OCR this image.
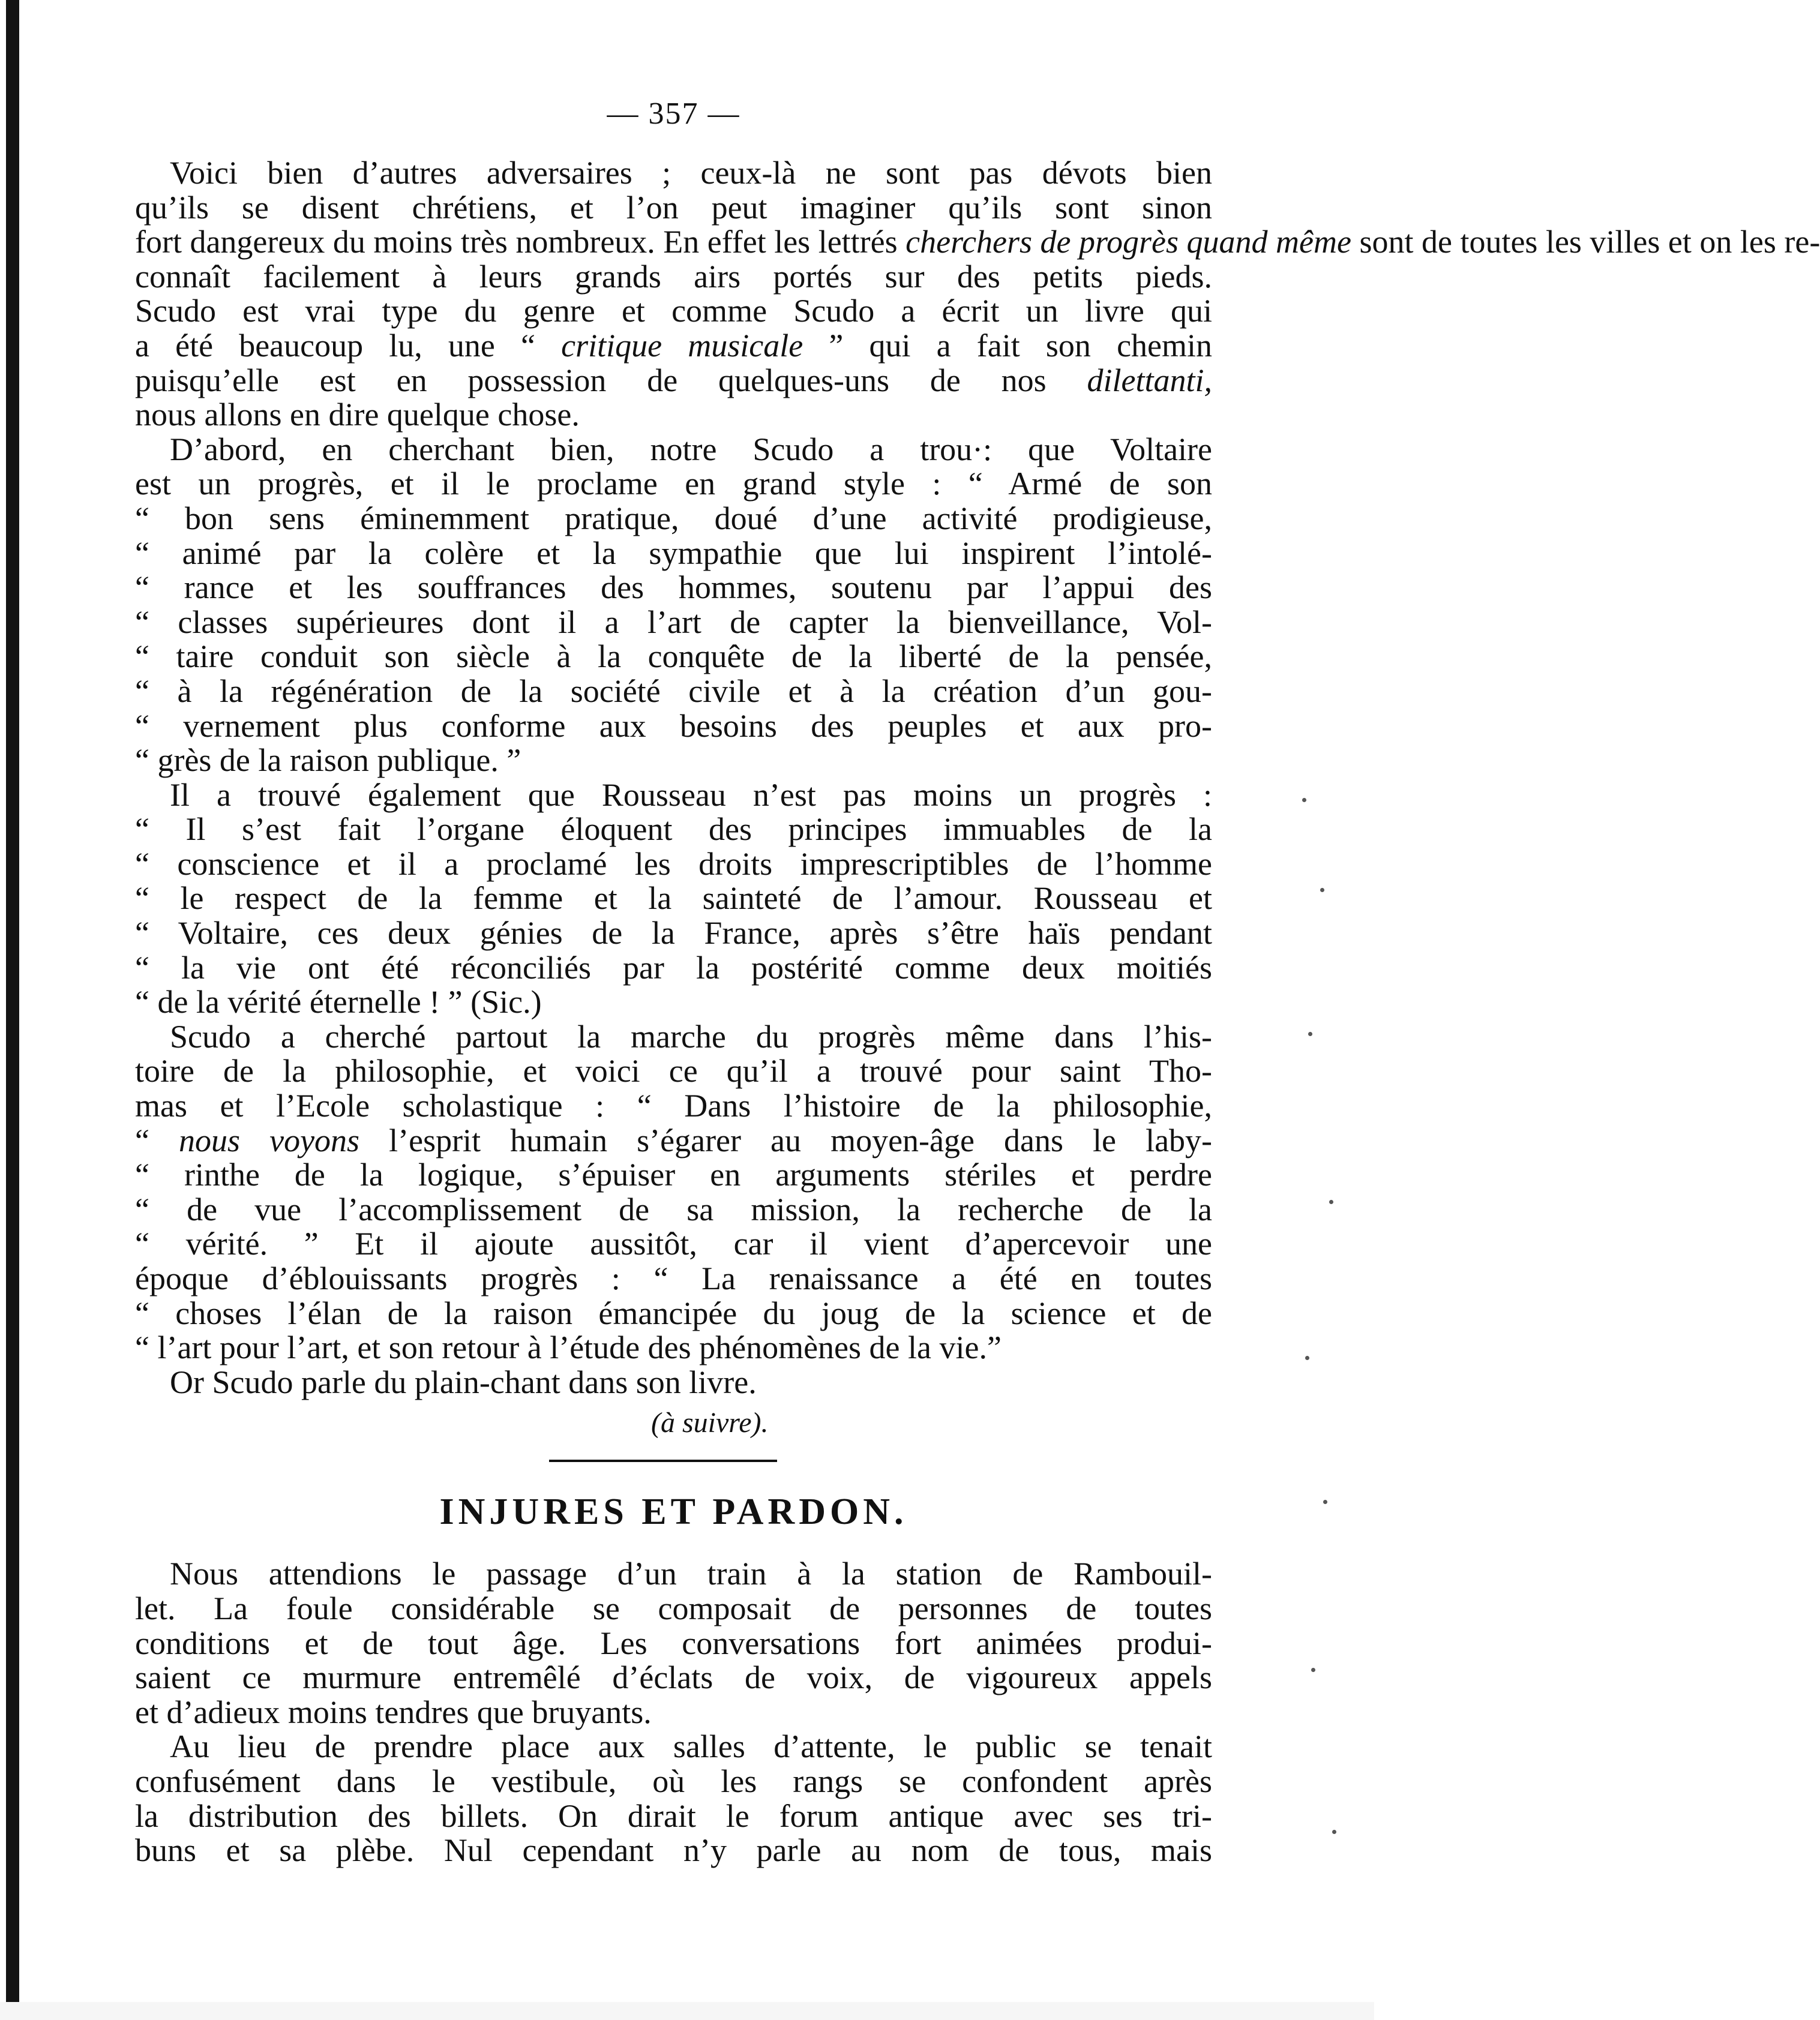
— 357 —
Voici bien d’autres adversaires ; ceux-là ne sont pas dévots bien
qu’ils se disent chrétiens, et l’on peut imaginer qu’ils sont sinon
fort dangereux du moins très nombreux. En effet les lettrés cherchers de progrès quand même sont de toutes les villes et on les re-
connaît facilement à leurs grands airs portés sur des petits pieds.
Scudo est vrai type du genre et comme Scudo a écrit un livre qui
a été beaucoup lu, une “ critique musicale ” qui a fait son chemin
puisqu’elle est en possession de quelques-uns de nos dilettanti,
nous allons en dire quelque chose.
D’abord, en cherchant bien, notre Scudo a trou·: que Voltaire
est un progrès, et il le proclame en grand style : “ Armé de son
“ bon sens éminemment pratique, doué d’une activité prodigieuse,
“ animé par la colère et la sympathie que lui inspirent l’intolé-
“ rance et les souffrances des hommes, soutenu par l’appui des
“ classes supérieures dont il a l’art de capter la bienveillance, Vol-
“ taire conduit son siècle à la conquête de la liberté de la pensée,
“ à la régénération de la société civile et à la création d’un gou-
“ vernement plus conforme aux besoins des peuples et aux pro-
“ grès de la raison publique. ”
Il a trouvé également que Rousseau n’est pas moins un progrès :
“ Il s’est fait l’organe éloquent des principes immuables de la
“ conscience et il a proclamé les droits imprescriptibles de l’homme
“ le respect de la femme et la sainteté de l’amour. Rousseau et
“ Voltaire, ces deux génies de la France, après s’être haïs pendant
“ la vie ont été réconciliés par la postérité comme deux moitiés
“ de la vérité éternelle ! ” (Sic.)
Scudo a cherché partout la marche du progrès même dans l’his-
toire de la philosophie, et voici ce qu’il a trouvé pour saint Tho-
mas et l’Ecole scholastique : “ Dans l’histoire de la philosophie,
“ nous voyons l’esprit humain s’égarer au moyen-âge dans le laby-
“ rinthe de la logique, s’épuiser en arguments stériles et perdre
“ de vue l’accomplissement de sa mission, la recherche de la
“ vérité. ” Et il ajoute aussitôt, car il vient d’apercevoir une
époque d’éblouissants progrès : “ La renaissance a été en toutes
“ choses l’élan de la raison émancipée du joug de la science et de
“ l’art pour l’art, et son retour à l’étude des phénomènes de la vie.”
Or Scudo parle du plain-chant dans son livre.
(à suivre).
INJURES ET PARDON.
Nous attendions le passage d’un train à la station de Rambouil-
let. La foule considérable se composait de personnes de toutes
conditions et de tout âge. Les conversations fort animées produi-
saient ce murmure entremêlé d’éclats de voix, de vigoureux appels
et d’adieux moins tendres que bruyants.
Au lieu de prendre place aux salles d’attente, le public se tenait
confusément dans le vestibule, où les rangs se confondent après
la distribution des billets. On dirait le forum antique avec ses tri-
buns et sa plèbe. Nul cependant n’y parle au nom de tous, mais
